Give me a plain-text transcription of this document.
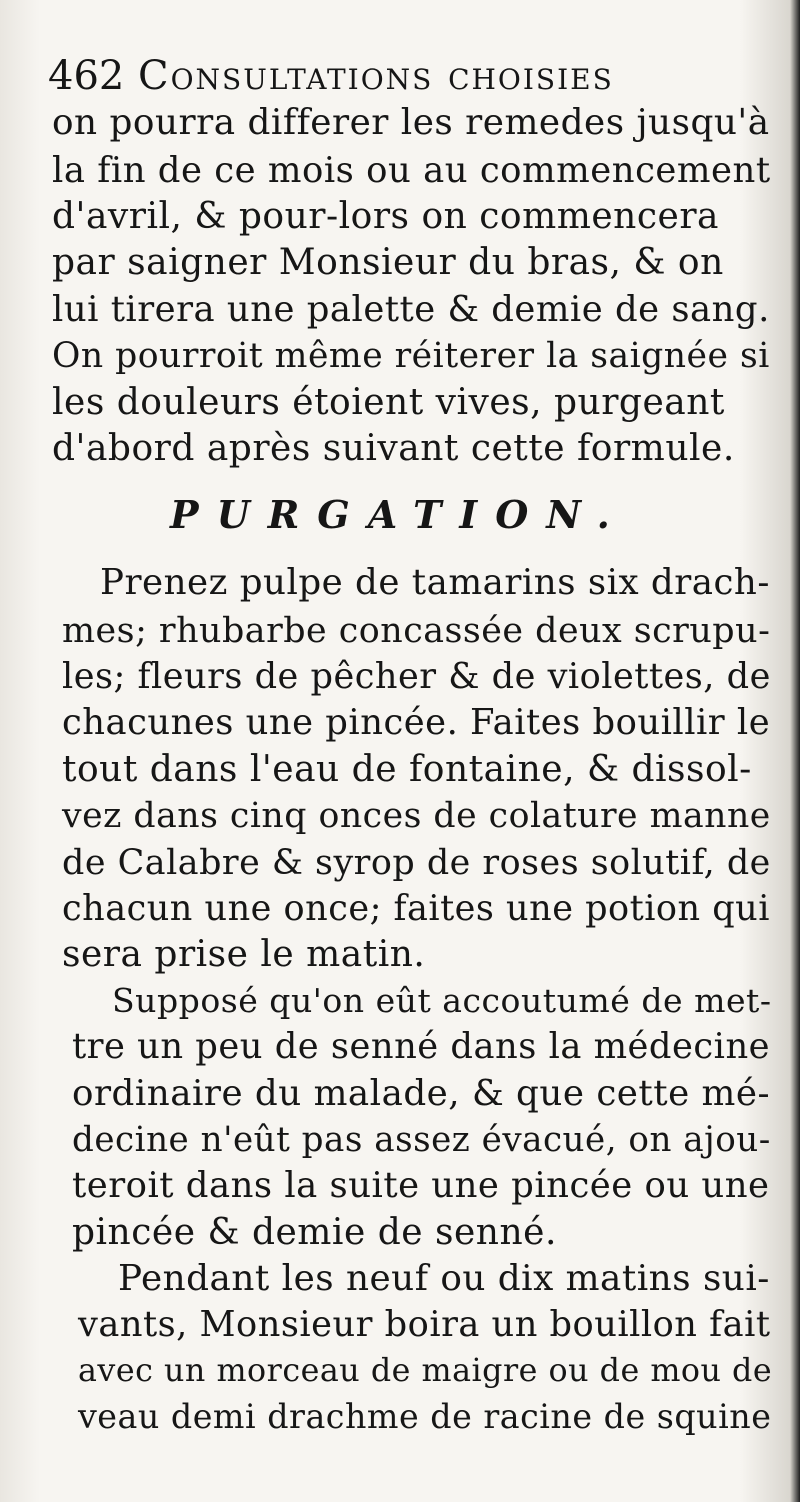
462 Consultations choisies
on pourra differer les remedes jusqu'à
la fin de ce mois ou au commencement
d'avril, & pour-lors on commencera
par saigner Monsieur du bras, & on
lui tirera une palette & demie de sang.
On pourroit même réiterer la saignée si
les douleurs étoient vives, purgeant
d'abord après suivant cette formule.
PURGATION.
Prenez pulpe de tamarins six drach-
mes; rhubarbe concassée deux scrupu-
les; fleurs de pêcher & de violettes, de
chacunes une pincée. Faites bouillir le
tout dans l'eau de fontaine, & dissol-
vez dans cinq onces de colature manne
de Calabre & syrop de roses solutif, de
chacun une once; faites une potion qui
sera prise le matin.
Supposé qu'on eût accoutumé de met-
tre un peu de senné dans la médecine
ordinaire du malade, & que cette mé-
decine n'eût pas assez évacué, on ajou-
teroit dans la suite une pincée ou une
pincée & demie de senné.
Pendant les neuf ou dix matins sui-
vants, Monsieur boira un bouillon fait
avec un morceau de maigre ou de mou de
veau demi drachme de racine de squine
